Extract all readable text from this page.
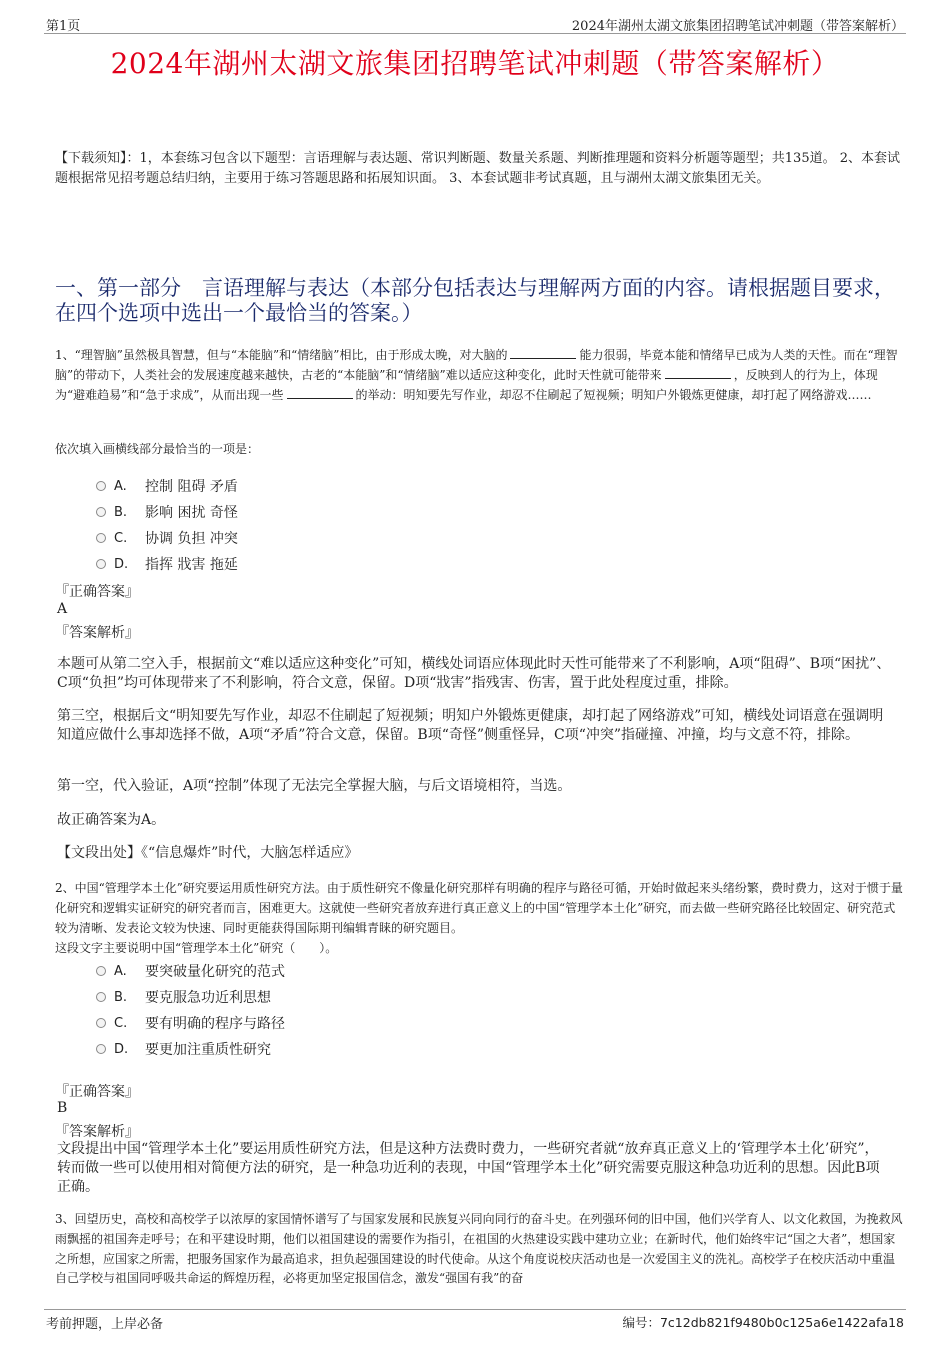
第1页	2024年湖州太湖文旅集团招聘笔试冲刺题（带答案解析）
2024年湖州太湖文旅集团招聘笔试冲刺题（带答案解析）
【下载须知】：1，本套练习包含以下题型：言语理解与表达题、常识判断题、数量关系题、判断推理题和资料分析题等题型；共135道。 2、本套试题根据常见招考题总结归纳，主要用于练习答题思路和拓展知识面。 3、本套试题非考试真题，且与湖州太湖文旅集团无关。
一、第一部分　言语理解与表达（本部分包括表达与理解两方面的内容。请根据题目要求，在四个选项中选出一个最恰当的答案。）
1、“理智脑”虽然极具智慧，但与“本能脑”和“情绪脑”相比，由于形成太晚，对大脑的	能力很弱，毕竟本能和情绪早已成为人类的天性。而在“理智脑”的带动下，人类社会的发展速度越来越快，古老的“本能脑”和“情绪脑”难以适应这种变化，此时天性就可能带来	，反映到人的行为上，体现为“避难趋易”和“急于求成”，从而出现一些	的举动：明知要先写作业，却忍不住刷起了短视频；明知户外锻炼更健康，却打起了网络游戏……
依次填入画横线部分最恰当的一项是：
A.	控制 阻碍 矛盾
B.	影响 困扰 奇怪
C.	协调 负担 冲突
D.	指挥 戕害 拖延
『正确答案』
A
『答案解析』
本题可从第二空入手，根据前文“难以适应这种变化”可知，横线处词语应体现此时天性可能带来了不利影响，A项“阻碍”、B项“困扰”、C项“负担”均可体现带来了不利影响，符合文意，保留。D项“戕害”指残害、伤害，置于此处程度过重，排除。
第三空，根据后文“明知要先写作业，却忍不住刷起了短视频；明知户外锻炼更健康，却打起了网络游戏”可知，横线处词语意在强调明知道应做什么事却选择不做，A项“矛盾”符合文意，保留。B项“奇怪”侧重怪异，C项“冲突”指碰撞、冲撞，均与文意不符，排除。
第一空，代入验证，A项“控制”体现了无法完全掌握大脑，与后文语境相符，当选。
故正确答案为A。
【文段出处】《“信息爆炸”时代，大脑怎样适应》
2、中国“管理学本土化”研究要运用质性研究方法。由于质性研究不像量化研究那样有明确的程序与路径可循，开始时做起来头绪纷繁，费时费力，这对于惯于量化研究和逻辑实证研究的研究者而言，困难更大。这就使一些研究者放弃进行真正意义上的中国“管理学本土化”研究，而去做一些研究路径比较固定、研究范式较为清晰、发表论文较为快速、同时更能获得国际期刊编辑青睐的研究题目。
这段文字主要说明中国“管理学本土化”研究（　　）。
A.	要突破量化研究的范式
B.	要克服急功近利思想
C.	要有明确的程序与路径
D.	要更加注重质性研究
『正确答案』
B
『答案解析』
文段提出中国“管理学本土化”要运用质性研究方法，但是这种方法费时费力，一些研究者就“放弃真正意义上的‘管理学本土化’研究”，转而做一些可以使用相对简便方法的研究，是一种急功近利的表现，中国“管理学本土化”研究需要克服这种急功近利的思想。因此B项正确。
3、回望历史，高校和高校学子以浓厚的家国情怀谱写了与国家发展和民族复兴同向同行的奋斗史。在列强环伺的旧中国，他们兴学育人、以文化救国，为挽救风雨飘摇的祖国奔走呼号；在和平建设时期，他们以祖国建设的需要作为指引，在祖国的火热建设实践中建功立业；在新时代，他们始终牢记“国之大者”，想国家之所想，应国家之所需，把服务国家作为最高追求，担负起强国建设的时代使命。从这个角度说校庆活动也是一次爱国主义的洗礼。高校学子在校庆活动中重温自己学校与祖国同呼吸共命运的辉煌历程，必将更加坚定报国信念，激发“强国有我”的奋
考前押题，上岸必备	编号：7c12db821f9480b0c125a6e1422afa18
